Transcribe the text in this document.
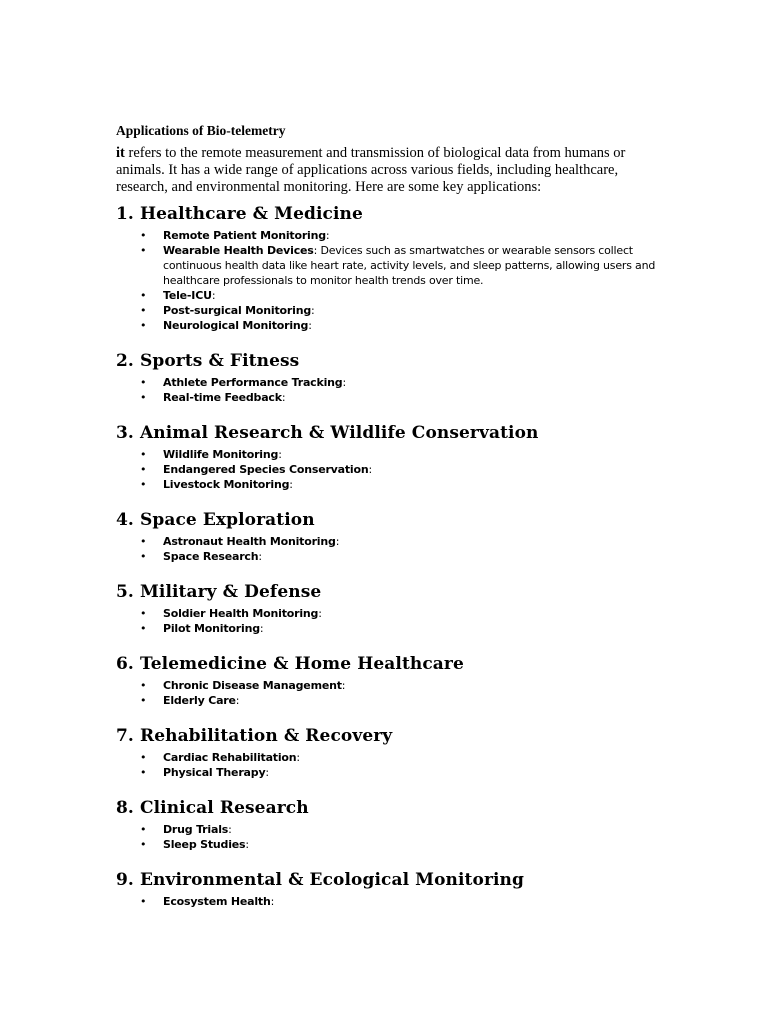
Applications of Bio-telemetry

it refers to the remote measurement and transmission of biological data from humans or animals. It has a wide range of applications across various fields, including healthcare, research, and environmental monitoring. Here are some key applications:

1. Healthcare & Medicine
• Remote Patient Monitoring:
• Wearable Health Devices: Devices such as smartwatches or wearable sensors collect continuous health data like heart rate, activity levels, and sleep patterns, allowing users and healthcare professionals to monitor health trends over time.
• Tele-ICU:
• Post-surgical Monitoring:
• Neurological Monitoring:
2. Sports & Fitness
• Athlete Performance Tracking:
• Real-time Feedback:
3. Animal Research & Wildlife Conservation
• Wildlife Monitoring:
• Endangered Species Conservation:
• Livestock Monitoring:
4. Space Exploration
• Astronaut Health Monitoring:
• Space Research:
5. Military & Defense
• Soldier Health Monitoring:
• Pilot Monitoring:
6. Telemedicine & Home Healthcare
• Chronic Disease Management:
• Elderly Care:
7. Rehabilitation & Recovery
• Cardiac Rehabilitation:
• Physical Therapy:
8. Clinical Research
• Drug Trials:
• Sleep Studies:
9. Environmental & Ecological Monitoring
• Ecosystem Health:
